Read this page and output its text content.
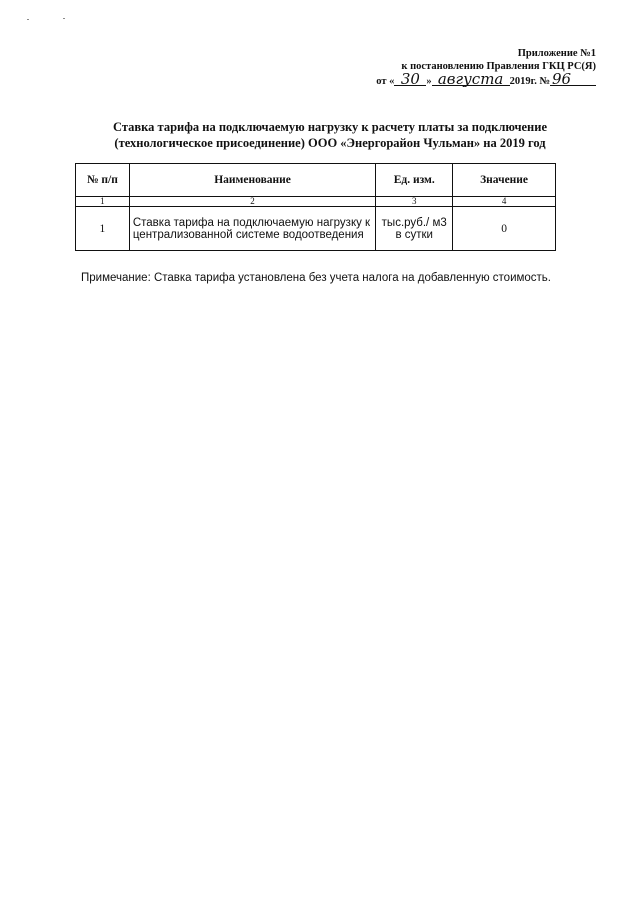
Приложение №1
к постановлению Правления ГКЦ РС(Я)
от « 30 » августа 2019г. № 96
Ставка тарифа на подключаемую нагрузку к расчету платы за подключение
(технологическое присоединение) ООО «Энергорайон Чульман» на 2019 год
№ п/п	Наименование	Ед. изм.	Значение
1	2	3	4
1	Ставка тарифа на подключаемую нагрузку к централизованной системе водоотведения	тыс.руб./ м3 в сутки	0
Примечание: Ставка тарифа установлена без учета налога на добавленную стоимость.
